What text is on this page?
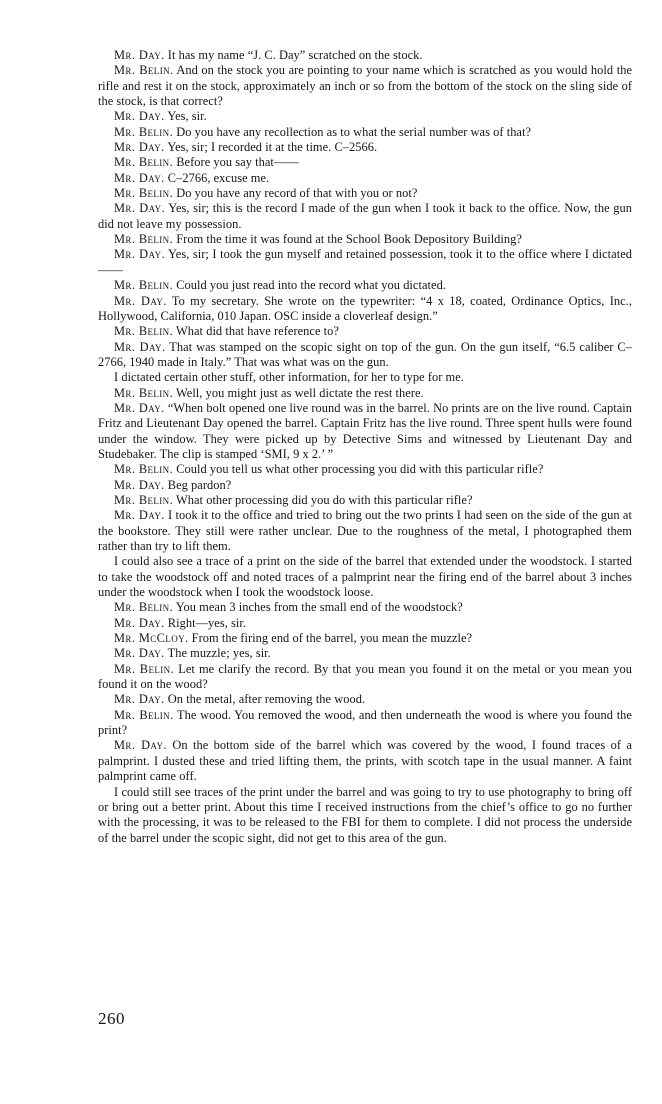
Mr. Day. It has my name “J. C. Day” scratched on the stock.

Mr. Belin. And on the stock you are pointing to your name which is scratched as you would hold the rifle and rest it on the stock, approximately an inch or so from the bottom of the stock on the sling side of the stock, is that correct?

Mr. Day. Yes, sir.

Mr. Belin. Do you have any recollection as to what the serial number was of that?

Mr. Day. Yes, sir; I recorded it at the time. C–2566.

Mr. Belin. Before you say that——

Mr. Day. C–2766, excuse me.

Mr. Belin. Do you have any record of that with you or not?

Mr. Day. Yes, sir; this is the record I made of the gun when I took it back to the office. Now, the gun did not leave my possession.

Mr. Belin. From the time it was found at the School Book Depository Building?

Mr. Day. Yes, sir; I took the gun myself and retained possession, took it to the office where I dictated——

Mr. Belin. Could you just read into the record what you dictated.

Mr. Day. To my secretary. She wrote on the typewriter: “4 x 18, coated, Ordinance Optics, Inc., Hollywood, California, 010 Japan. OSC inside a cloverleaf design.”

Mr. Belin. What did that have reference to?

Mr. Day. That was stamped on the scopic sight on top of the gun. On the gun itself, “6.5 caliber C–2766, 1940 made in Italy.” That was what was on the gun.

I dictated certain other stuff, other information, for her to type for me.

Mr. Belin. Well, you might just as well dictate the rest there.

Mr. Day. “When bolt opened one live round was in the barrel. No prints are on the live round. Captain Fritz and Lieutenant Day opened the barrel. Captain Fritz has the live round. Three spent hulls were found under the window. They were picked up by Detective Sims and witnessed by Lieutenant Day and Studebaker. The clip is stamped ‘SMI, 9 x 2.’ ”

Mr. Belin. Could you tell us what other processing you did with this particular rifle?

Mr. Day. Beg pardon?

Mr. Belin. What other processing did you do with this particular rifle?

Mr. Day. I took it to the office and tried to bring out the two prints I had seen on the side of the gun at the bookstore. They still were rather unclear. Due to the roughness of the metal, I photographed them rather than try to lift them.

I could also see a trace of a print on the side of the barrel that extended under the woodstock. I started to take the woodstock off and noted traces of a palmprint near the firing end of the barrel about 3 inches under the woodstock when I took the woodstock loose.

Mr. Belin. You mean 3 inches from the small end of the woodstock?

Mr. Day. Right—yes, sir.

Mr. McCloy. From the firing end of the barrel, you mean the muzzle?

Mr. Day. The muzzle; yes, sir.

Mr. Belin. Let me clarify the record. By that you mean you found it on the metal or you mean you found it on the wood?

Mr. Day. On the metal, after removing the wood.

Mr. Belin. The wood. You removed the wood, and then underneath the wood is where you found the print?

Mr. Day. On the bottom side of the barrel which was covered by the wood, I found traces of a palmprint. I dusted these and tried lifting them, the prints, with scotch tape in the usual manner. A faint palmprint came off.

I could still see traces of the print under the barrel and was going to try to use photography to bring off or bring out a better print. About this time I received instructions from the chief’s office to go no further with the processing, it was to be released to the FBI for them to complete. I did not process the underside of the barrel under the scopic sight, did not get to this area of the gun.

260
